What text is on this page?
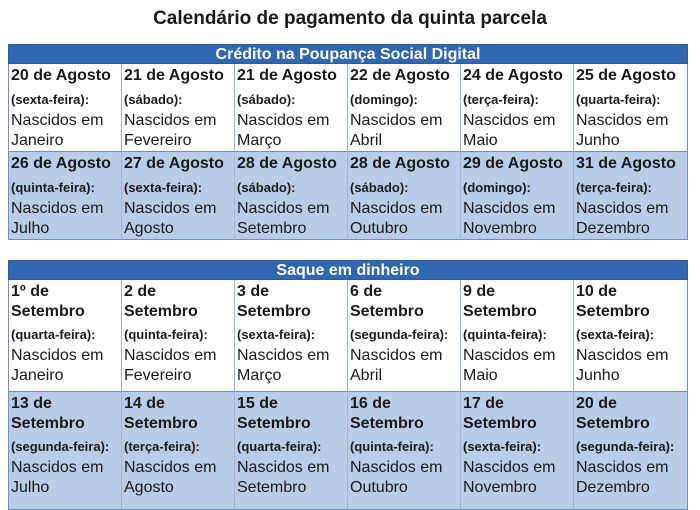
Calendário de pagamento da quinta parcela
Crédito na Poupança Social Digital
20 de Agosto
(sexta-feira):
Nascidos em Janeiro
21 de Agosto
(sábado):
Nascidos em Fevereiro
21 de Agosto
(sábado):
Nascidos em Março
22 de Agosto
(domingo):
Nascidos em Abril
24 de Agosto
(terça-feira):
Nascidos em Maio
25 de Agosto
(quarta-feira):
Nascidos em Junho
26 de Agosto
(quinta-feira):
Nascidos em Julho
27 de Agosto
(sexta-feira):
Nascidos em Agosto
28 de Agosto
(sábado):
Nascidos em Setembro
28 de Agosto
(sábado):
Nascidos em Outubro
29 de Agosto
(domingo):
Nascidos em Novembro
31 de Agosto
(terça-feira):
Nascidos em Dezembro
Saque em dinheiro
1º de Setembro
(quarta-feira):
Nascidos em Janeiro
2 de Setembro
(quinta-feira):
Nascidos em Fevereiro
3 de Setembro
(sexta-feira):
Nascidos em Março
6 de Setembro
(segunda-feira):
Nascidos em Abril
9 de Setembro
(quinta-feira):
Nascidos em Maio
10 de Setembro
(sexta-feira):
Nascidos em Junho
13 de Setembro
(segunda-feira):
Nascidos em Julho
14 de Setembro
(terça-feira):
Nascidos em Agosto
15 de Setembro
(quarta-feira):
Nascidos em Setembro
16 de Setembro
(quinta-feira):
Nascidos em Outubro
17 de Setembro
(sexta-feira):
Nascidos em Novembro
20 de Setembro
(segunda-feira):
Nascidos em Dezembro
